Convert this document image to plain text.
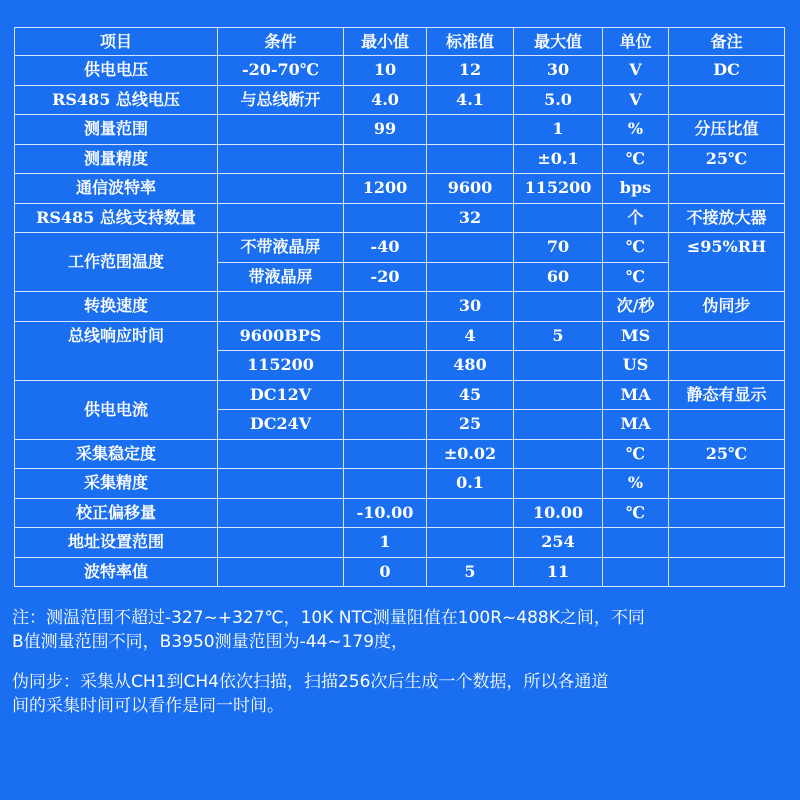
项目	条件	最小值	标准值	最大值	单位	备注
供电电压	-20-70℃	10	12	30	V	DC
RS485 总线电压	与总线断开	4.0	4.1	5.0	V	
测量范围		99		1	%	分压比值
测量精度				±0.1	℃	25℃
通信波特率		1200	9600	115200	bps	
RS485 总线支持数量			32		个	不接放大器
工作范围温度	不带液晶屏	-40		70	℃	≤95%RH
	带液晶屏	-20		60	℃	
转换速度			30		次/秒	伪同步
总线响应时间	9600BPS		4	5	MS	
	115200		480		US	
供电电流	DC12V		45		MA	静态有显示
	DC24V		25		MA	
采集稳定度			±0.02		℃	25℃
采集精度			0.1		%	
校正偏移量		-10.00		10.00	℃	
地址设置范围		1		254		
波特率值		0	5	11		

注：测温范围不超过-327~+327℃，10K NTC测量阻值在100R~488K之间，不同
B值测量范围不同，B3950测量范围为-44~179度，

伪同步：采集从CH1到CH4依次扫描，扫描256次后生成一个数据，所以各通道
间的采集时间可以看作是同一时间。
